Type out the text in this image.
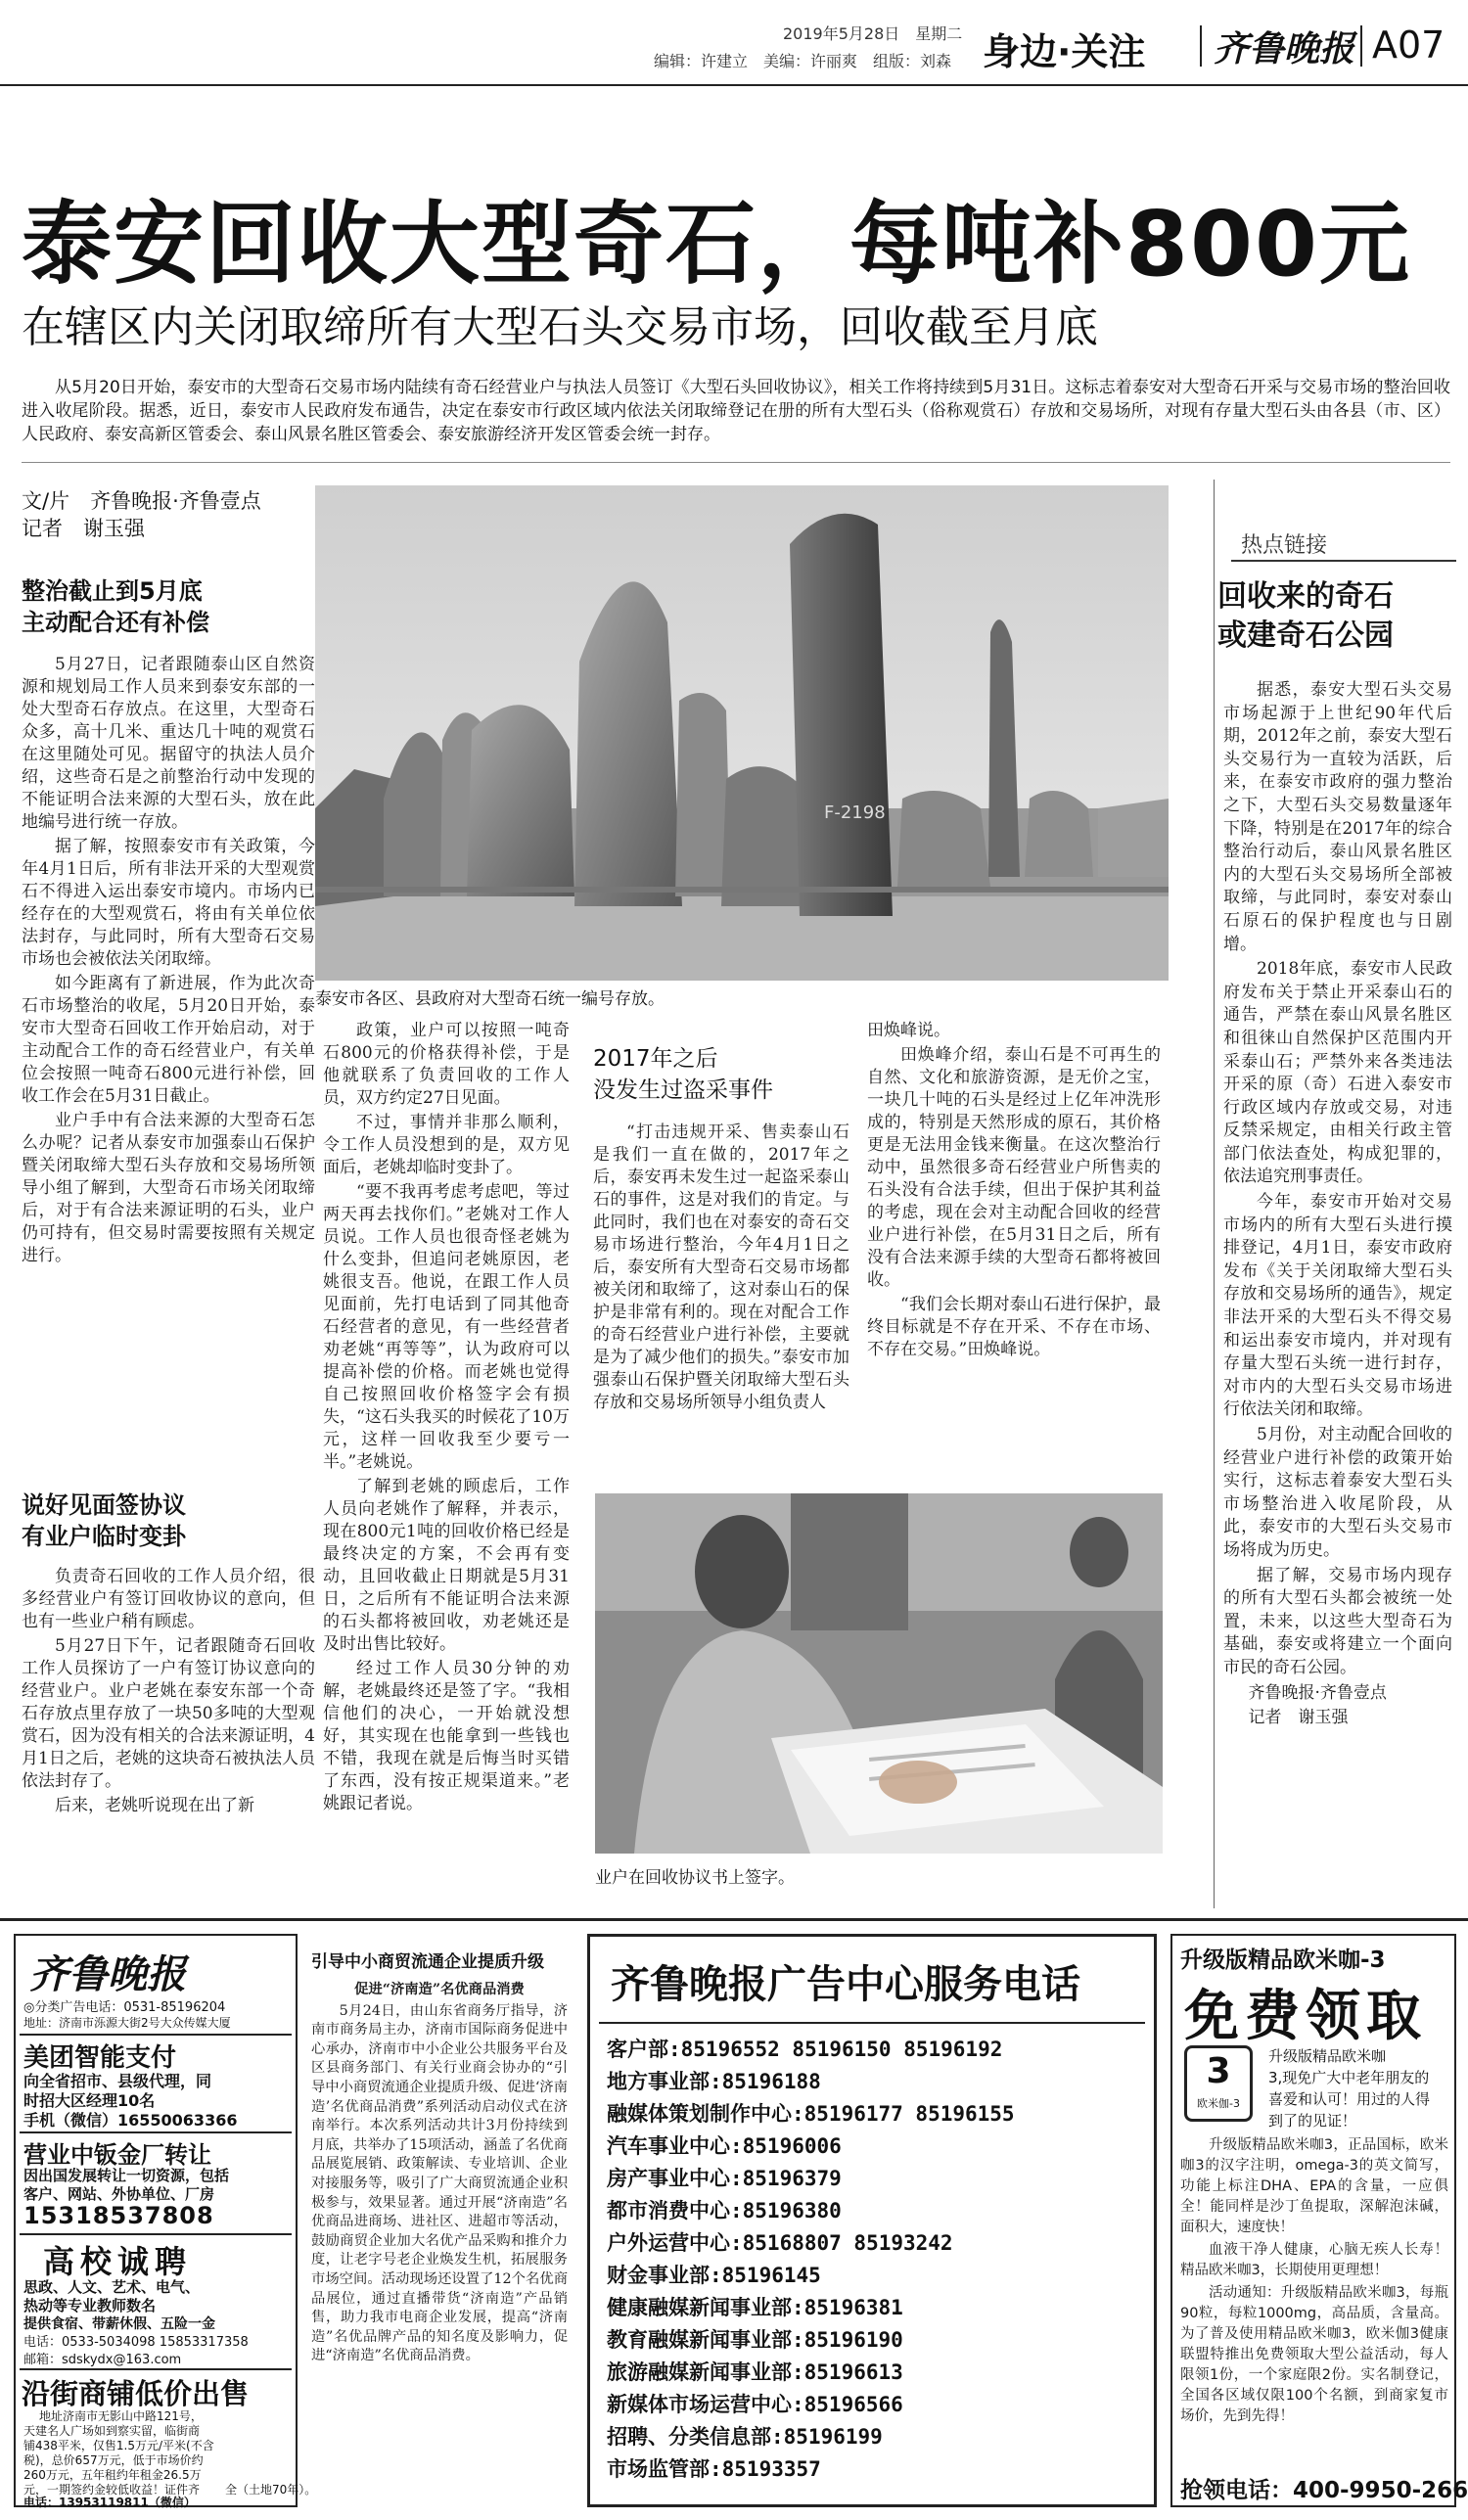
2019年5月28日　星期二
编辑：许建立　美编：许丽爽　组版：刘森 身边·关注 齐鲁晚报 A07
泰安回收大型奇石，每吨补800元
在辖区内关闭取缔所有大型石头交易市场，回收截至月底
从5月20日开始，泰安市的大型奇石交易市场内陆续有奇石经营业户与执法人员签订《大型石头回收协议》，相关工作将持续到5月31日。这标志着泰安对大型奇石开采与交易市场的整治回收进入收尾阶段。据悉，近日，泰安市人民政府发布通告，决定在泰安市行政区域内依法关闭取缔登记在册的所有大型石头（俗称观赏石）存放和交易场所，对现有存量大型石头由各县（市、区）人民政府、泰安高新区管委会、泰山风景名胜区管委会、泰安旅游经济开发区管委会统一封存。
文/片　齐鲁晚报·齐鲁壹点
记者　谢玉强
整治截止到5月底
主动配合还有补偿

5月27日，记者跟随泰山区自然资源和规划局工作人员来到泰安东部的一处大型奇石存放点。在这里，大型奇石众多，高十几米、重达几十吨的观赏石在这里随处可见。据留守的执法人员介绍，这些奇石是之前整治行动中发现的不能证明合法来源的大型石头，放在此地编号进行统一存放。

据了解，按照泰安市有关政策，今年4月1日后，所有非法开采的大型观赏石不得进入运出泰安市境内。市场内已经存在的大型观赏石，将由有关单位依法封存，与此同时，所有大型奇石交易市场也会被依法关闭取缔。

如今距离有了新进展，作为此次奇石市场整治的收尾，5月20日开始，泰安市大型奇石回收工作开始启动，对于主动配合工作的奇石经营业户，有关单位会按照一吨奇石800元进行补偿，回收工作会在5月31日截止。

业户手中有合法来源的大型奇石怎么办呢？记者从泰安市加强泰山石保护暨关闭取缔大型石头存放和交易场所领导小组了解到，大型奇石市场关闭取缔后，对于有合法来源证明的石头，业户仍可持有，但交易时需要按照有关规定进行。

说好见面签协议
有业户临时变卦

负责奇石回收的工作人员介绍，很多经营业户有签订回收协议的意向，但也有一些业户稍有顾虑。

5月27日下午，记者跟随奇石回收工作人员探访了一户有签订协议意向的经营业户。业户老姚在泰安东部一个奇石存放点里存放了一块50多吨的大型观赏石，因为没有相关的合法来源证明，4月1日之后，老姚的这块奇石被执法人员依法封存了。

后来，老姚听说现在出了新

F-2198
泰安市各区、县政府对大型奇石统一编号存放。

政策，业户可以按照一吨奇石800元的价格获得补偿，于是他就联系了负责回收的工作人员，双方约定27日见面。

不过，事情并非那么顺利，令工作人员没想到的是，双方见面后，老姚却临时变卦了。

“要不我再考虑考虑吧，等过两天再去找你们。”老姚对工作人员说。工作人员也很奇怪老姚为什么变卦，但追问老姚原因，老姚很支吾。他说，在跟工作人员见面前，先打电话到了同其他奇石经营者的意见，有一些经营者劝老姚“再等等”，认为政府可以提高补偿的价格。而老姚也觉得自己按照回收价格签字会有损失，“这石头我买的时候花了10万元，这样一回收我至少要亏一半。”老姚说。

了解到老姚的顾虑后，工作人员向老姚作了解释，并表示，现在800元1吨的回收价格已经是最终决定的方案，不会再有变动，且回收截止日期就是5月31日，之后所有不能证明合法来源的石头都将被回收，劝老姚还是及时出售比较好。

经过工作人员30分钟的劝解，老姚最终还是签了字。“我相信他们的决心，一开始就没想好，其实现在也能拿到一些钱也不错，我现在就是后悔当时买错了东西，没有按正规渠道来。”老姚跟记者说。

2017年之后
没发生过盗采事件

“打击违规开采、售卖泰山石是我们一直在做的，2017年之后，泰安再未发生过一起盗采泰山石的事件，这是对我们的肯定。与此同时，我们也在对泰安的奇石交易市场进行整治，今年4月1日之后，泰安所有大型奇石交易市场都被关闭和取缔了，这对泰山石的保护是非常有利的。现在对配合工作的奇石经营业户进行补偿，主要就是为了减少他们的损失。”泰安市加强泰山石保护暨关闭取缔大型石头存放和交易场所领导小组负责人

田焕峰说。

田焕峰介绍，泰山石是不可再生的自然、文化和旅游资源，是无价之宝，一块几十吨的石头是经过上亿年冲洗形成的，特别是天然形成的原石，其价格更是无法用金钱来衡量。在这次整治行动中，虽然很多奇石经营业户所售卖的石头没有合法手续，但出于保护其利益的考虑，现在会对主动配合回收的经营业户进行补偿，在5月31日之后，所有没有合法来源手续的大型奇石都将被回收。

“我们会长期对泰山石进行保护，最终目标就是不存在开采、不存在市场、不存在交易。”田焕峰说。

业户在回收协议书上签字。
热点链接
回收来的奇石
或建奇石公园

据悉，泰安大型石头交易市场起源于上世纪90年代后期，2012年之前，泰安大型石头交易行为一直较为活跃，后来，在泰安市政府的强力整治之下，大型石头交易数量逐年下降，特别是在2017年的综合整治行动后，泰山风景名胜区内的大型石头交易场所全部被取缔，与此同时，泰安对泰山石原石的保护程度也与日剧增。

2018年底，泰安市人民政府发布关于禁止开采泰山石的通告，严禁在泰山风景名胜区和徂徕山自然保护区范围内开采泰山石；严禁外来各类违法开采的原（奇）石进入泰安市行政区域内存放或交易，对违反禁采规定，由相关行政主管部门依法查处，构成犯罪的，依法追究刑事责任。

今年，泰安市开始对交易市场内的所有大型石头进行摸排登记，4月1日，泰安市政府发布《关于关闭取缔大型石头存放和交易场所的通告》，规定非法开采的大型石头不得交易和运出泰安市境内，并对现有存量大型石头统一进行封存，对市内的大型石头交易市场进行依法关闭和取缔。

5月份，对主动配合回收的经营业户进行补偿的政策开始实行，这标志着泰安大型石头市场整治进入收尾阶段，从此，泰安市的大型石头交易市场将成为历史。

据了解，交易市场内现存的所有大型石头都会被统一处置，未来，以这些大型奇石为基础，泰安或将建立一个面向市民的奇石公园。

齐鲁晚报·齐鲁壹点

记者　谢玉强

齐鲁晚报
◎分类广告电话：0531-85196204
地址：济南市泺源大街2号大众传媒大厦
美团智能支付
向全省招市、县级代理，同
时招大区经理10名
手机（微信）16550063366
营业中钣金厂转让
因出国发展转让一切资源，包括
客户、网站、外协单位、厂房
15318537808
高校诚聘
思政、人文、艺术、电气、
热动等专业教师数名
提供食宿、带薪休假、五险一金
电话：0533-5034098 15853317358
邮箱：sdskydx@163.com
沿街商铺低价出售
地址济南市无影山中路121号，
天建名人广场如到察实留，临街商
铺438平米，仅售1.5万元/平米(不含
税)，总价657万元，低于市场价约
260万元，五年租约年租金26.5万
元，一期签约金较低收益！证件齐 全（土地70年）。
电话：13953119811（微信）
引导中小商贸流通企业提质升级

促进“济南造”名优商品消费

5月24日，由山东省商务厅指导，济南市商务局主办，济南市国际商务促进中心承办，济南市中小企业公共服务平台及区县商务部门、有关行业商会协办的“引导中小商贸流通企业提质升级、促进‘济南造’名优商品消费”系列活动启动仪式在济南举行。本次系列活动共计3月份持续到月底，共举办了15项活动，涵盖了名优商品展览展销、政策解读、专业培训、企业对接服务等，吸引了广大商贸流通企业积极参与，效果显著。通过开展“济南造”名优商品进商场、进社区、进超市等活动，鼓励商贸企业加大名优产品采购和推介力度，让老字号老企业焕发生机，拓展服务市场空间。活动现场还设置了12个名优商品展位，通过直播带货“济南造”产品销售，助力我市电商企业发展，提高“济南造”名优品牌产品的知名度及影响力，促进“济南造”名优商品消费。

齐鲁晚报广告中心服务电话
客户部:85196552 85196150 85196192
地方事业部:85196188
融媒体策划制作中心:85196177 85196155
汽车事业中心:85196006
房产事业中心:85196379
都市消费中心:85196380
户外运营中心:85168807 85193242
财金事业部:85196145
健康融媒新闻事业部:85196381
教育融媒新闻事业部:85196190
旅游融媒新闻事业部:85196613
新媒体市场运营中心:85196566
招聘、分类信息部:85196199
市场监管部:85193357
升级版精品欧米咖-3
免费领取
3
欧米伽-3
升级版精品欧米咖
3,现免广大中老年朋友的
喜爱和认可！用过的人得
到了的见证！

升级版精品欧米咖3，正品国标，欧米咖3的汉字注明，omega-3的英文简写，功能上标注DHA、EPA的含量，一应俱全！能同样是沙丁鱼提取，深解泡沫碱，面积大，速度快！

血液干净人健康，心脑无疾人长寿！精品欧米咖3，长期使用更理想！

活动通知：升级版精品欧米咖3，每瓶90粒，每粒1000mg，高品质，含量高。为了普及使用精品欧米咖3，欧米伽3健康联盟特推出免费领取大型公益活动，每人限领1份，一个家庭限2份。实名制登记，全国各区域仅限100个名额，到商家复市场价，先到先得！

抢领电话：400-9950-266
